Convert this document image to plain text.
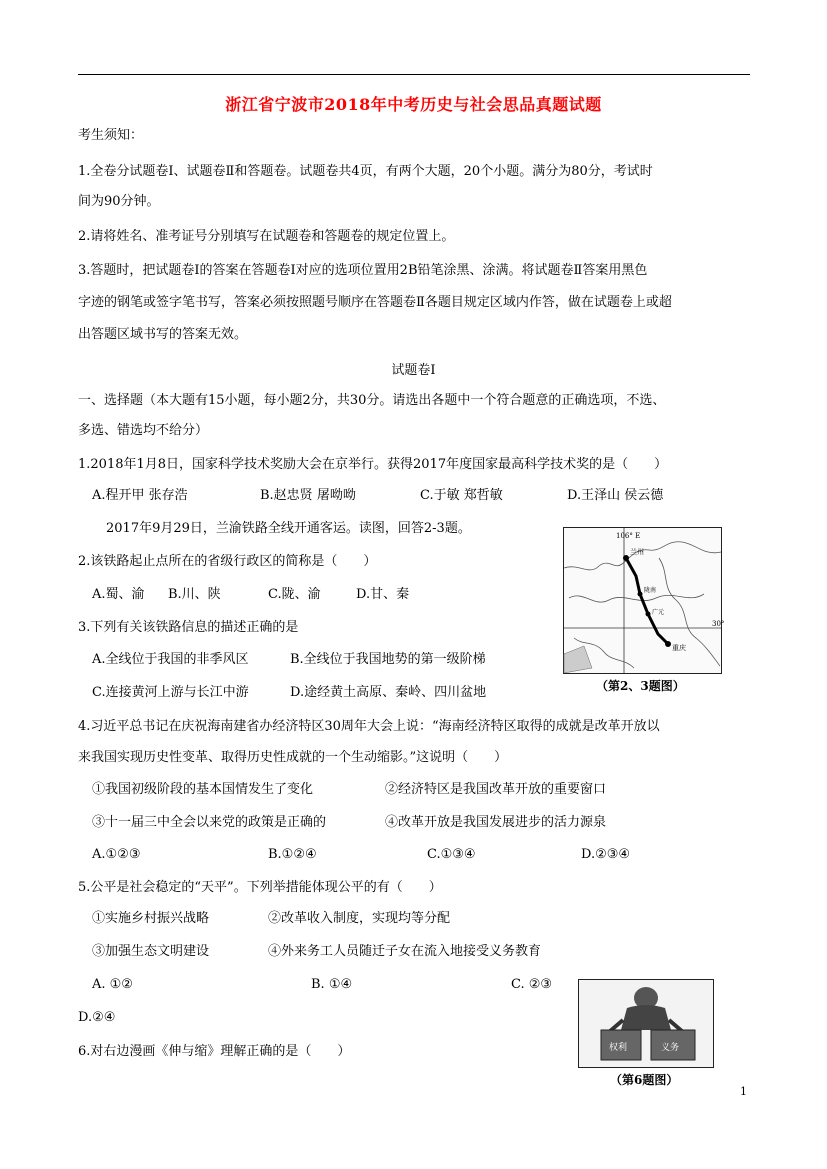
浙江省宁波市2018年中考历史与社会思品真题试题
考生须知：
1.全卷分试题卷Ⅰ、试题卷Ⅱ和答题卷。试题卷共4页，有两个大题，20个小题。满分为80分，考试时
间为90分钟。
2.请将姓名、准考证号分别填写在试题卷和答题卷的规定位置上。
3.答题时，把试题卷Ⅰ的答案在答题卷Ⅰ对应的选项位置用2B铅笔涂黑、涂满。将试题卷Ⅱ答案用黑色
字迹的钢笔或签字笔书写，答案必须按照题号顺序在答题卷Ⅱ各题目规定区域内作答，做在试题卷上或超
出答题区域书写的答案无效。
试题卷Ⅰ
一、选择题（本大题有15小题，每小题2分，共30分。请选出各题中一个符合题意的正确选项，不选、
多选、错选均不给分）
1.2018年1月8日，国家科学技术奖励大会在京举行。获得2017年度国家最高科学技术奖的是（　　）
A.程开甲 张存浩	B.赵忠贤 屠呦呦	C.于敏 郑哲敏	D.王泽山 侯云德
2017年9月29日，兰渝铁路全线开通客运。读图，回答2-3题。
2.该铁路起止点所在的省级行政区的简称是（　　）
A.蜀、渝 B.川、陕	C.陇、渝	D.甘、秦
3.下列有关该铁路信息的描述正确的是
A.全线位于我国的非季风区	B.全线位于我国地势的第一级阶梯
C.连接黄河上游与长江中游	D.途经黄土高原、秦岭、四川盆地
106° E
30°
兰州
陇南
广元
重庆
（第2、3题图）
4.习近平总书记在庆祝海南建省办经济特区30周年大会上说：“海南经济特区取得的成就是改革开放以
来我国实现历史性变革、取得历史性成就的一个生动缩影。”这说明（　　）
①我国初级阶段的基本国情发生了变化	②经济特区是我国改革开放的重要窗口
③十一届三中全会以来党的政策是正确的	④改革开放是我国发展进步的活力源泉
A.①②③	B.①②④	C.①③④	D.②③④
5.公平是社会稳定的“天平”。下列举措能体现公平的有（　　）
①实施乡村振兴战略	②改革收入制度，实现均等分配
③加强生态文明建设	④外来务工人员随迁子女在流入地接受义务教育
A. ①②	B. ①④	C. ②③
D.②④
6.对右边漫画《伸与缩》理解正确的是（　　）	权利	义务
（第6题图）
1
